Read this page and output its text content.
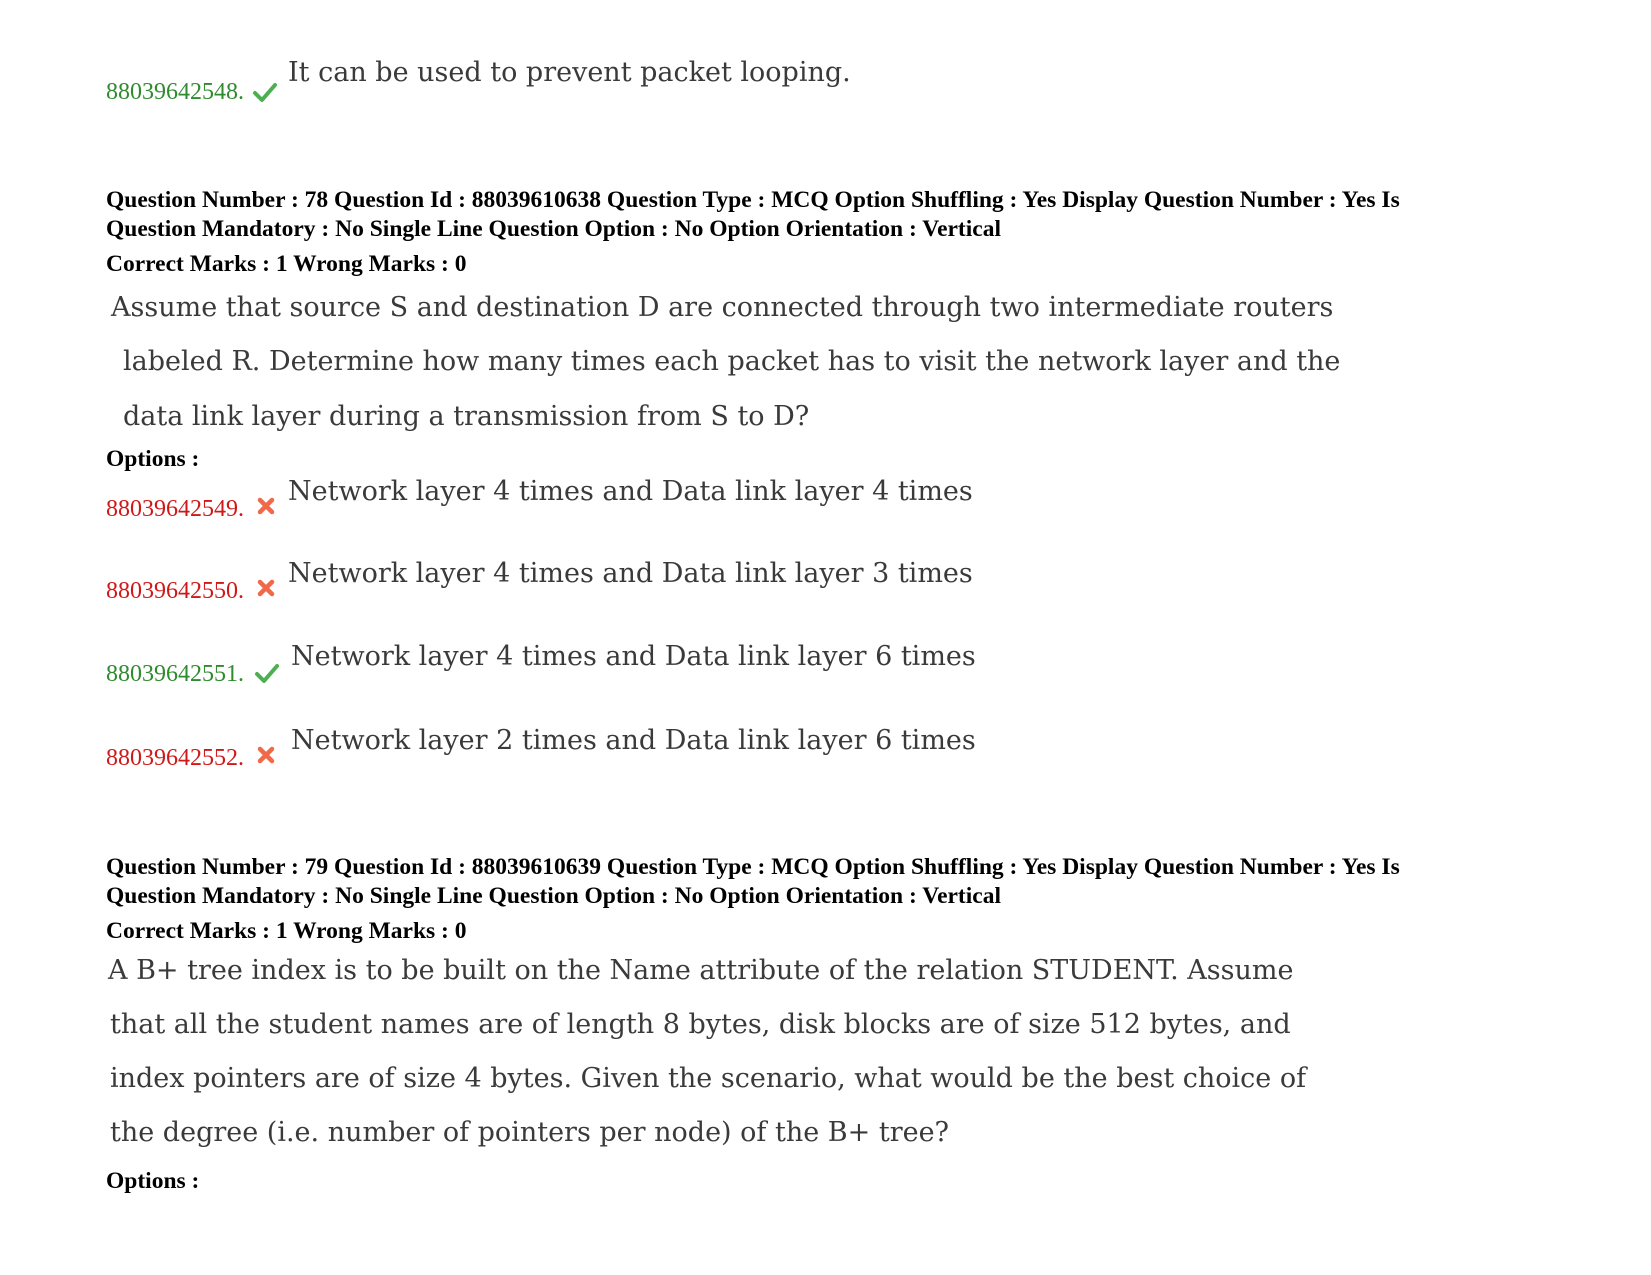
88039642548.
It can be used to prevent packet looping.
Question Number : 78 Question Id : 88039610638 Question Type : MCQ Option Shuffling : Yes Display Question Number : Yes Is
Question Mandatory : No Single Line Question Option : No Option Orientation : Vertical
Correct Marks : 1 Wrong Marks : 0
Assume that source S and destination D are connected through two intermediate routers
labeled R. Determine how many times each packet has to visit the network layer and the
data link layer during a transmission from S to D?
Options :
88039642549.
Network layer 4 times and Data link layer 4 times
88039642550.
Network layer 4 times and Data link layer 3 times
88039642551.
Network layer 4 times and Data link layer 6 times
88039642552.
Network layer 2 times and Data link layer 6 times
Question Number : 79 Question Id : 88039610639 Question Type : MCQ Option Shuffling : Yes Display Question Number : Yes Is
Question Mandatory : No Single Line Question Option : No Option Orientation : Vertical
Correct Marks : 1 Wrong Marks : 0
A B+ tree index is to be built on the Name attribute of the relation STUDENT. Assume
that all the student names are of length 8 bytes, disk blocks are of size 512 bytes, and
index pointers are of size 4 bytes. Given the scenario, what would be the best choice of
the degree (i.e. number of pointers per node) of the B+ tree?
Options :
